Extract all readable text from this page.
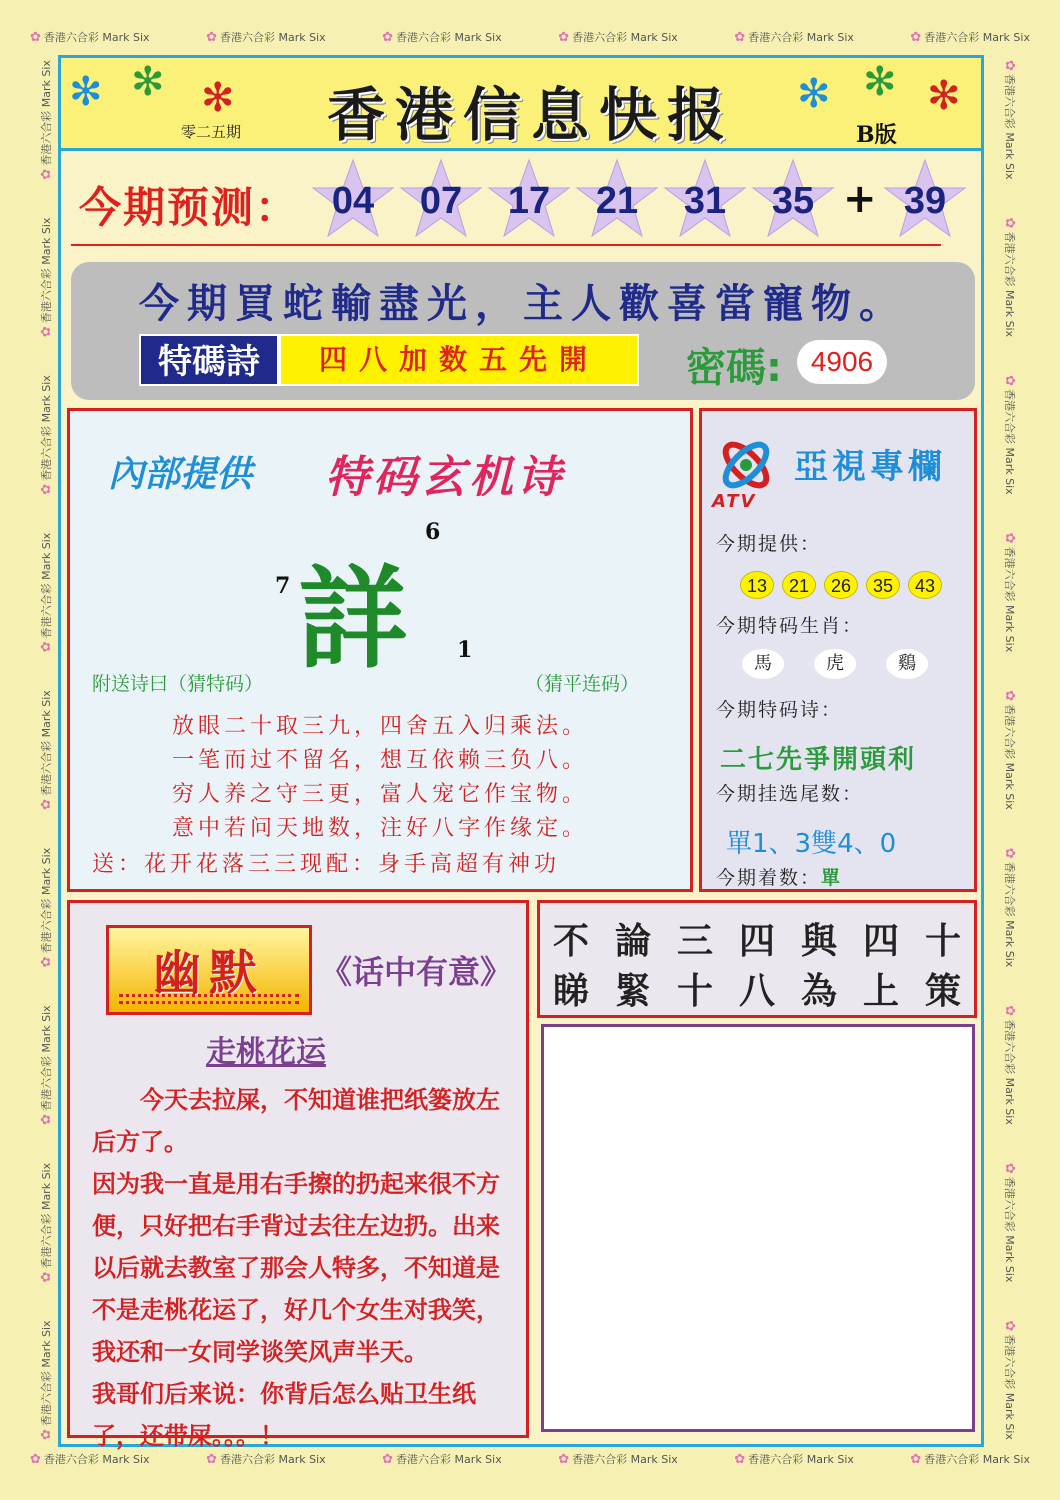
✿ 香港六合彩 Mark Six	✿ 香港六合彩 Mark Six	✿ 香港六合彩 Mark Six	✿ 香港六合彩 Mark Six	✿ 香港六合彩 Mark Six	✿ 香港六合彩 Mark Six
✿ 香港六合彩 Mark Six	✿ 香港六合彩 Mark Six	✿ 香港六合彩 Mark Six	✿ 香港六合彩 Mark Six	✿ 香港六合彩 Mark Six	✿ 香港六合彩 Mark Six
✿香港六合彩 Mark Six
✿香港六合彩 Mark Six
✿香港六合彩 Mark Six
✿香港六合彩 Mark Six
✿香港六合彩 Mark Six
✿香港六合彩 Mark Six
✿香港六合彩 Mark Six
✿香港六合彩 Mark Six
✿香港六合彩 Mark Six	✿香港六合彩 Mark Six
✿香港六合彩 Mark Six
✿香港六合彩 Mark Six
✿香港六合彩 Mark Six
✿香港六合彩 Mark Six
✿香港六合彩 Mark Six
✿香港六合彩 Mark Six
✿香港六合彩 Mark Six
✿香港六合彩 Mark Six
✻ ✻ ✻	✻ ✻ ✻
香港信息快报
零二五期	B版
今期预测： 04	07	17	21	31	35	39
+
今期買蛇輸盡光，主人歡喜當寵物。
特碼詩	四八加数五先開	密碼:	4906
內部提供 特码玄机诗
詳
6
7
1
附送诗曰（猜特码）	（猜平连码）
放眼二十取三九，四舍五入归乘法。
一笔而过不留名，想互依赖三负八。
穷人养之守三更，富人宠它作宝物。
意中若问天地数，注好八字作缘定。
送：花开花落三三现配：身手高超有神功
ATV
亞視專欄
今期提供：
13	21	26	35	43
今期特码生肖：
馬	虎	鷄
今期特码诗：
二七先爭開頭利
今期挂选尾数：
單1、3雙4、0
今期着数：單
幽默	《话中有意》
走桃花运

　　今天去拉屎，不知道谁把纸篓放左后方了。

因为我一直是用右手擦的扔起来很不方便，只好把右手背过去往左边扔。出来以后就去教室了那会人特多，不知道是不是走桃花运了，好几个女生对我笑，我还和一女同学谈笑风声半天。

我哥们后来说：你背后怎么贴卫生纸了，还带屎。。。！

不 論 三 四 與 四 十
睇 緊 十 八 為 上 策
